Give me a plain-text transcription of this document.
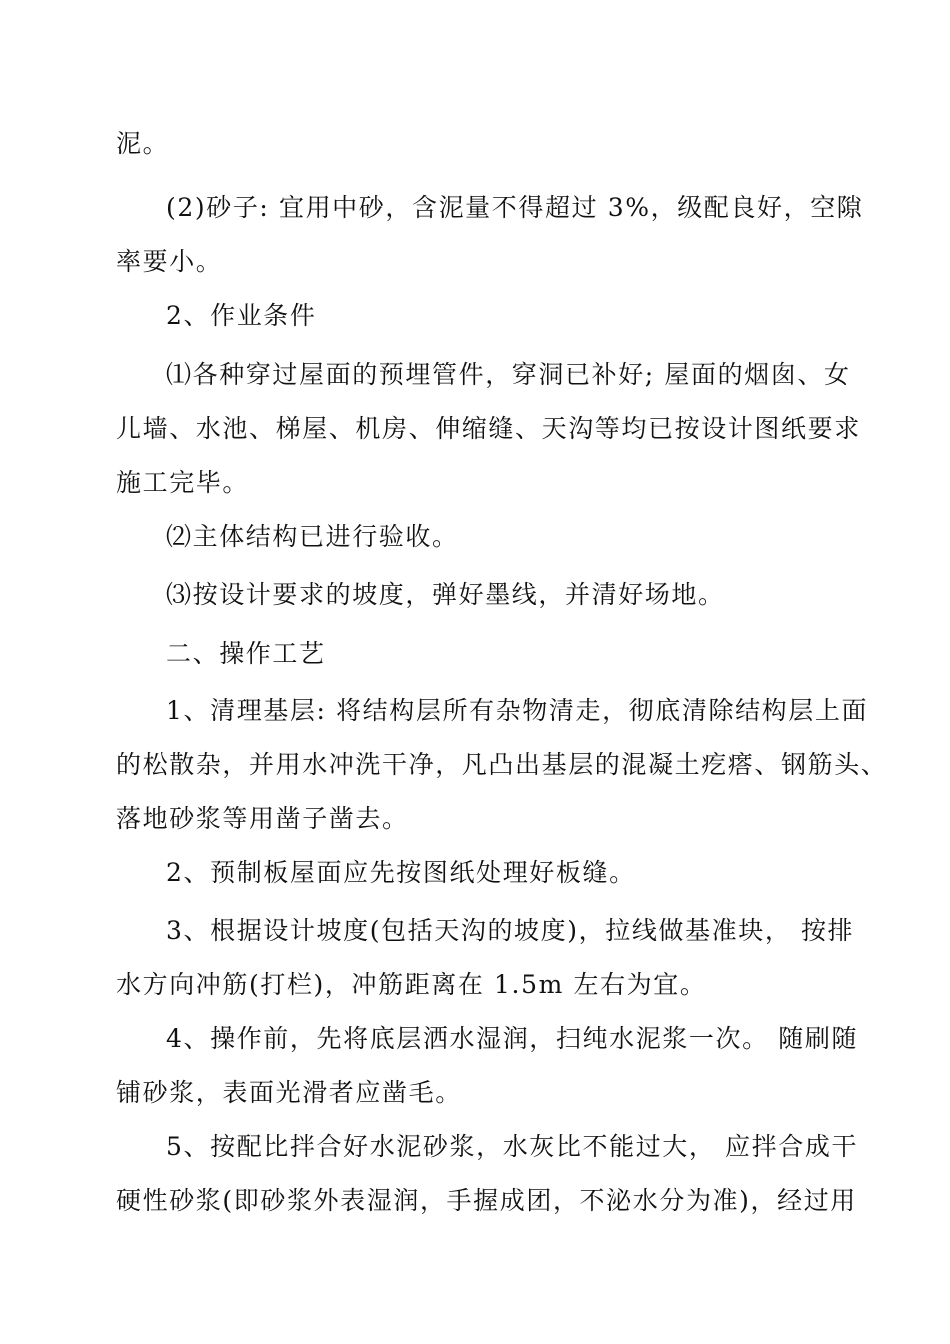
泥。

(2)砂子: 宜用中砂，含泥量不得超过 3%，级配良好，空隙
率要小。

2、作业条件

⑴各种穿过屋面的预埋管件，穿洞已补好; 屋面的烟囱、女
儿墙、水池、梯屋、机房、伸缩缝、天沟等均已按设计图纸要求
施工完毕。

⑵主体结构已进行验收。

⑶按设计要求的坡度，弹好墨线，并清好场地。

二、操作工艺

1、清理基层: 将结构层所有杂物清走，彻底清除结构层上面
的松散杂，并用水冲洗干净，凡凸出基层的混凝土疙瘩、钢筋头、
落地砂浆等用凿子凿去。

2、预制板屋面应先按图纸处理好板缝。

3、根据设计坡度(包括天沟的坡度)，拉线做基准块， 按排
水方向冲筋(打栏)，冲筋距离在 1.5m 左右为宜。

4、操作前，先将底层洒水湿润，扫纯水泥浆一次。 随刷随
铺砂浆，表面光滑者应凿毛。

5、按配比拌合好水泥砂浆，水灰比不能过大， 应拌合成干
硬性砂浆(即砂浆外表湿润，手握成团，不泌水分为准)，经过用
